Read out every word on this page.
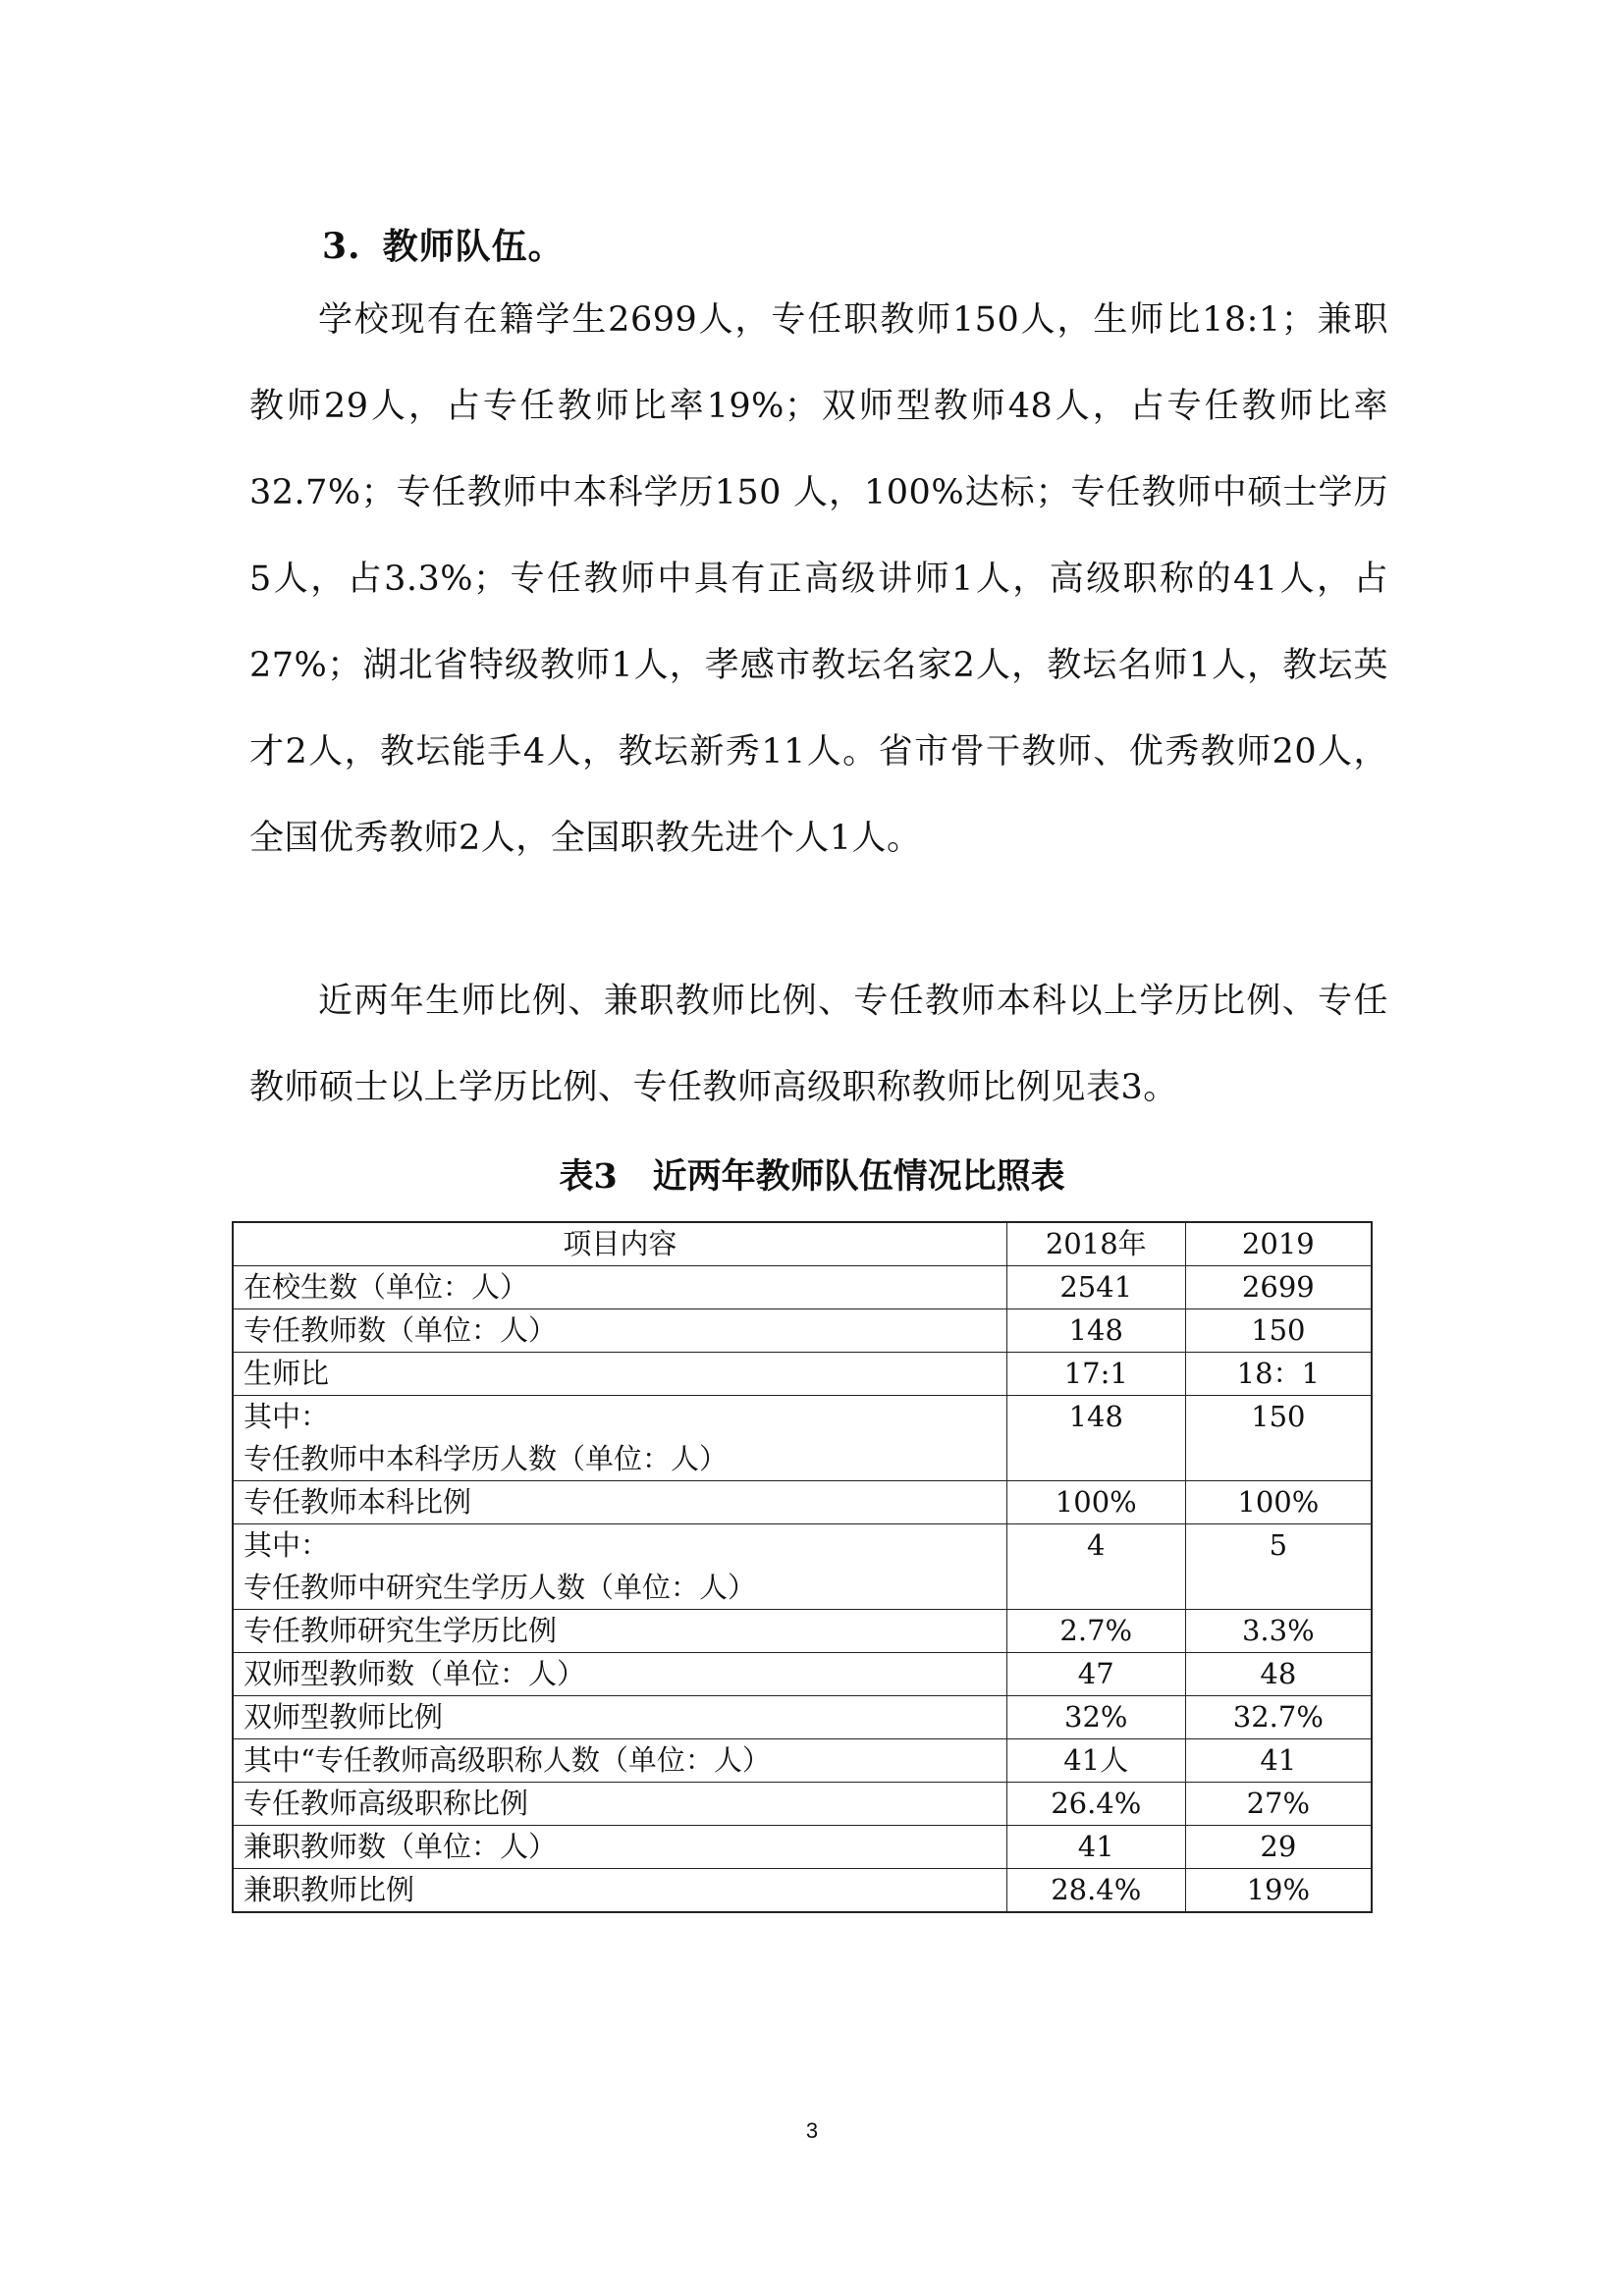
3. 教师队伍。

学校现有在籍学生2699人，专任职教师150人，生师比18:1；兼职教师29人，占专任教师比率19%；双师型教师48人，占专任教师比率32.7%；专任教师中本科学历150 人，100%达标；专任教师中硕士学历5人，占3.3%；专任教师中具有正高级讲师1人，高级职称的41人，占27%；湖北省特级教师1人，孝感市教坛名家2人，教坛名师1人，教坛英才2人，教坛能手4人，教坛新秀11人。省市骨干教师、优秀教师20人，全国优秀教师2人，全国职教先进个人1人。

近两年生师比例、兼职教师比例、专任教师本科以上学历比例、专任教师硕士以上学历比例、专任教师高级职称教师比例见表3。

表3 近两年教师队伍情况比照表
项目内容	2018年	2019

在校生数（单位：人）	2541	2699

专任教师数（单位：人）	148	150

生师比	17:1	18：1

其中：
专任教师中本科学历人数（单位：人）	148	150

专任教师本科比例	100%	100%

其中：
专任教师中研究生学历人数（单位：人）	4	5

专任教师研究生学历比例	2.7%	3.3%

双师型教师数（单位：人）	47	48

双师型教师比例	32%	32.7%

其中“专任教师高级职称人数（单位：人）	41人	41

专任教师高级职称比例	26.4%	27%

兼职教师数（单位：人）	41	29

兼职教师比例	28.4%	19%
3
